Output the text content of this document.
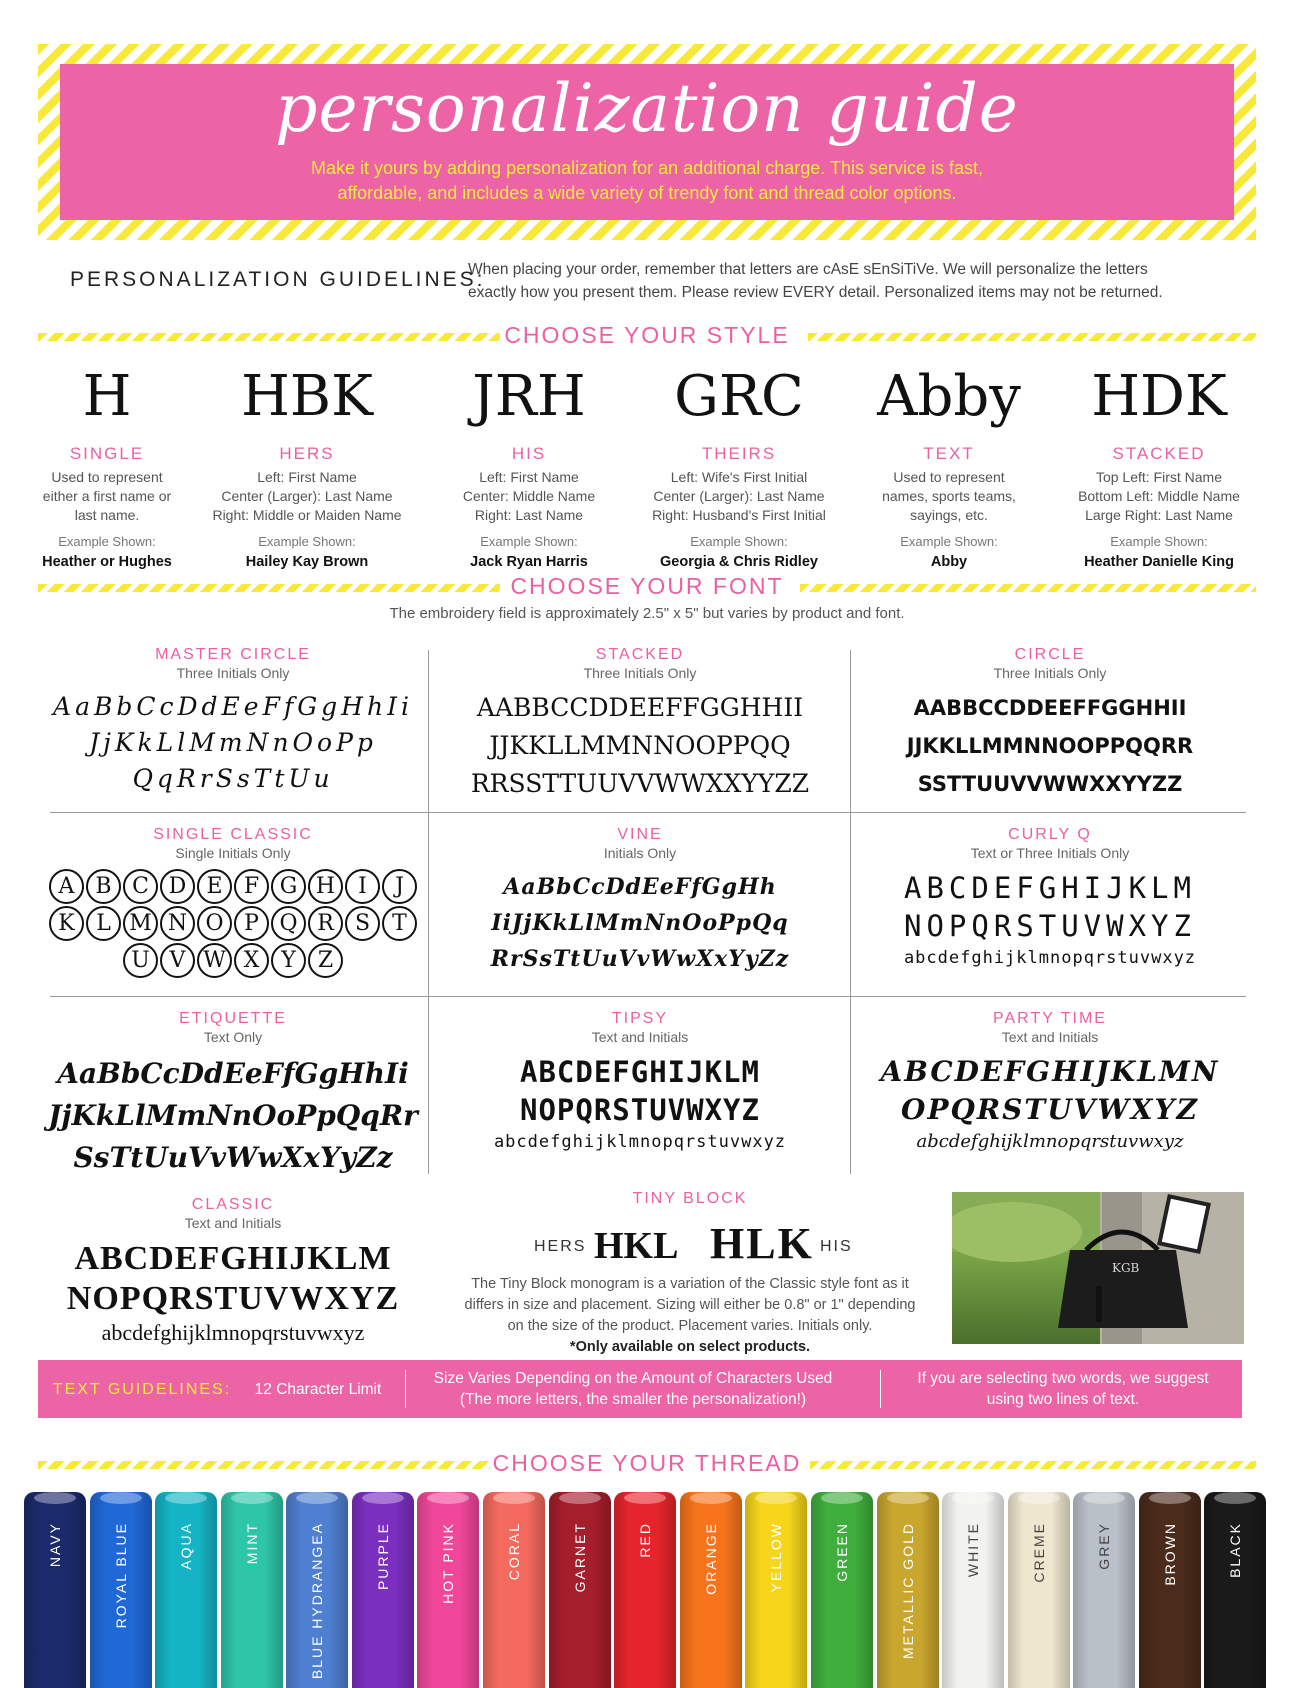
personalization guide
Make it yours by adding personalization for an additional charge. This service is fast,
affordable, and includes a wide variety of trendy font and thread color options.
PERSONALIZATION GUIDELINES:
When placing your order, remember that letters are cAsE sEnSiTiVe. We will personalize the letters
exactly how you present them. Please review EVERY detail. Personalized items may not be returned.
CHOOSE YOUR STYLE
H
SINGLE
Used to represent
either a first name or
last name.
Example Shown:
Heather or Hughes
HBK
HERS
Left: First Name
Center (Larger): Last Name
Right: Middle or Maiden Name
Example Shown:
Hailey Kay Brown
JRH
HIS
Left: First Name
Center: Middle Name
Right: Last Name
Example Shown:
Jack Ryan Harris
GRC
THEIRS
Left: Wife's First Initial
Center (Larger): Last Name
Right: Husband's First Initial
Example Shown:
Georgia & Chris Ridley
Abby
TEXT
Used to represent
names, sports teams,
sayings, etc.
Example Shown:
Abby
HDK
STACKED
Top Left: First Name
Bottom Left: Middle Name
Large Right: Last Name
Example Shown:
Heather Danielle King
CHOOSE YOUR FONT
The embroidery field is approximately 2.5" x 5" but varies by product and font.
MASTER CIRCLE
Three Initials Only
AaBbCcDdEeFfGgHhIi
JjKkLlMmNnOoPp
QqRrSsTtUu
STACKED
Three Initials Only
AABBCCDDEEFFGGHHII
JJKKLLMMNNOOPPQQ
RRSSTTUUVVWWXXYYZZ
CIRCLE
Three Initials Only
AABBCCDDEEFFGGHHII
JJKKLLMMNNOOPPQQRR
SSTTUUVVWWXXYYZZ
SINGLE CLASSIC
Single Initials Only
A B C D E F G H	I	J
K L M N O P Q R S	T
U V W X Y	Z
VINE
Initials Only
AaBbCcDdEeFfGgHh
IiJjKkLlMmNnOoPpQq
RrSsTtUuVvWwXxYyZz
CURLY Q
Text or Three Initials Only
ABCDEFGHIJKLM
NOPQRSTUVWXYZ
abcdefghijklmnopqrstuvwxyz
ETIQUETTE
Text Only
AaBbCcDdEeFfGgHhIi
JjKkLlMmNnOoPpQqRr
SsTtUuVvWwXxYyZz
TIPSY
Text and Initials
ABCDEFGHIJKLM
NOPQRSTUVWXYZ
abcdefghijklmnopqrstuvwxyz
PARTY TIME
Text and Initials
ABCDEFGHIJKLMN
OPQRSTUVWXYZ
abcdefghijklmnopqrstuvwxyz
CLASSIC
Text and Initials
ABCDEFGHIJKLM
NOPQRSTUVWXYZ
abcdefghijklmnopqrstuvwxyz
TINY BLOCK
HERS HKL HLK HIS
The Tiny Block monogram is a variation of the Classic style font as it
differs in size and placement. Sizing will either be 0.8" or 1" depending
on the size of the product. Placement varies. Initials only.
*Only available on select products.
KGB
TEXT GUIDELINES:	12 Character Limit
Size Varies Depending on the Amount of Characters Used
(The more letters, the smaller the personalization!)
If you are selecting two words, we suggest
using two lines of text.
CHOOSE YOUR THREAD
NAVY	ROYAL BLUE	AQUA	MINT	BLUE HYDRANGEA	PURPLE	HOT PINK	CORAL	GARNET	RED	ORANGE	YELLOW	GREEN	METALLIC GOLD	WHITE	CREME	GREY	BROWN	BLACK
